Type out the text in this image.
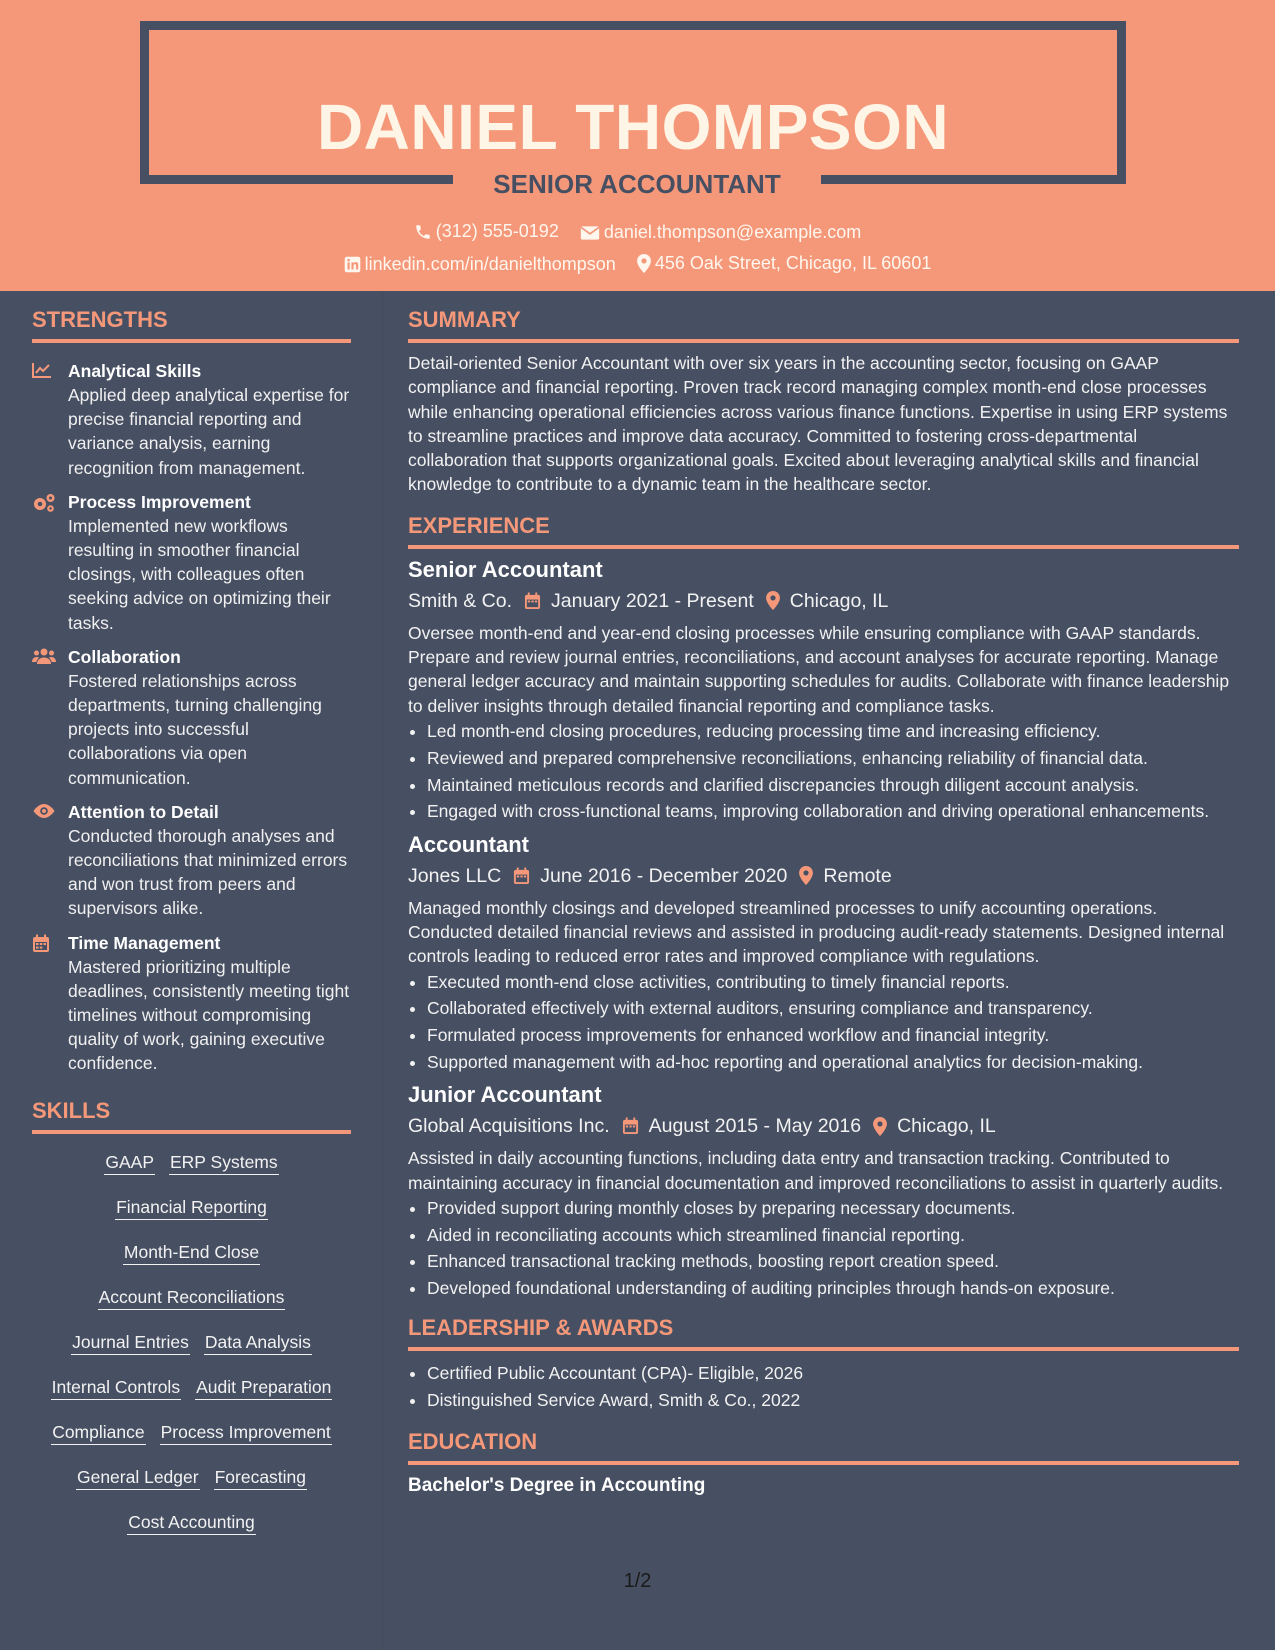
DANIEL THOMPSON
SENIOR ACCOUNTANT
(312) 555-0192
	daniel.thompson@example.com
linkedin.com/in/danielthompson
456 Oak Street, Chicago, IL 60601
STRENGTHS
Analytical Skills
Applied deep analytical expertise for precise financial reporting and variance analysis, earning recognition from management.
Process Improvement
Implemented new workflows resulting in smoother financial closings, with colleagues often seeking advice on optimizing their tasks.
Collaboration
Fostered relationships across departments, turning challenging projects into successful collaborations via open communication.
Attention to Detail
Conducted thorough analyses and reconciliations that minimized errors and won trust from peers and supervisors alike.
Time Management
Mastered prioritizing multiple deadlines, consistently meeting tight timelines without compromising quality of work, gaining executive confidence.
SKILLS
GAAP ERP Systems
Financial Reporting
Month-End Close
Account Reconciliations
Journal Entries Data Analysis
Internal Controls Audit Preparation
Compliance Process Improvement
General Ledger Forecasting
Cost Accounting
SUMMARY
Detail-oriented Senior Accountant with over six years in the accounting sector, focusing on GAAP compliance and financial reporting. Proven track record managing complex month-end close processes while enhancing operational efficiencies across various finance functions. Expertise in using ERP systems to streamline practices and improve data accuracy. Committed to fostering cross-departmental collaboration that supports organizational goals. Excited about leveraging analytical skills and financial knowledge to contribute to a dynamic team in the healthcare sector.
EXPERIENCE
Senior Accountant
Smith & Co. January 2021 - Present Chicago, IL
Oversee month-end and year-end closing processes while ensuring compliance with GAAP standards. Prepare and review journal entries, reconciliations, and account analyses for accurate reporting. Manage general ledger accuracy and maintain supporting schedules for audits. Collaborate with finance leadership to deliver insights through detailed financial reporting and compliance tasks.
• Led month-end closing procedures, reducing processing time and increasing efficiency.
• Reviewed and prepared comprehensive reconciliations, enhancing reliability of financial data.
• Maintained meticulous records and clarified discrepancies through diligent account analysis.
• Engaged with cross-functional teams, improving collaboration and driving operational enhancements.
Accountant
Jones LLC June 2016 - December 2020 Remote
Managed monthly closings and developed streamlined processes to unify accounting operations. Conducted detailed financial reviews and assisted in producing audit-ready statements. Designed internal controls leading to reduced error rates and improved compliance with regulations.
• Executed month-end close activities, contributing to timely financial reports.
• Collaborated effectively with external auditors, ensuring compliance and transparency.
• Formulated process improvements for enhanced workflow and financial integrity.
• Supported management with ad-hoc reporting and operational analytics for decision-making.
Junior Accountant
Global Acquisitions Inc. August 2015 - May 2016 Chicago, IL
Assisted in daily accounting functions, including data entry and transaction tracking. Contributed to maintaining accuracy in financial documentation and improved reconciliations to assist in quarterly audits.
• Provided support during monthly closes by preparing necessary documents.
• Aided in reconciliating accounts which streamlined financial reporting.
• Enhanced transactional tracking methods, boosting report creation speed.
• Developed foundational understanding of auditing principles through hands-on exposure.
LEADERSHIP & AWARDS
• Certified Public Accountant (CPA)- Eligible, 2026
• Distinguished Service Award, Smith & Co., 2022
EDUCATION
Bachelor's Degree in Accounting
1/2
